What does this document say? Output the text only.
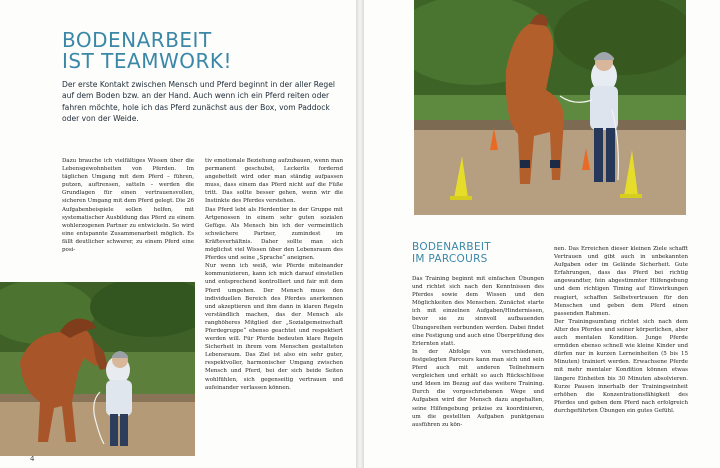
BODENARBEIT
IST TEAMWORK!

Der erste Kontakt zwischen Mensch und Pferd beginnt in der aller Regel auf dem Boden bzw. an der Hand. Auch wenn ich ein Pferd reiten oder fahren möchte, hole ich das Pferd zunächst aus der Box, vom Paddock oder von der Weide.

Dazu brauche ich vielfältiges Wissen über die Lebensgewohnheiten von Pferden. Im täglichen Umgang mit dem Pferd – führen, putzen, auftrensen, satteln – werden die Grundlagen für einen vertrauensvollen, sicheren Umgang mit dem Pferd gelegt. Die 26 Aufgabenbeispiele sollen helfen, mit systematischer Ausbildung das Pferd zu einem wohlerzogenen Partner zu entwickeln. So wird eine entspannte Zusammenarbeit möglich. Es fällt deutlicher schwerer, zu einem Pferd eine posi-

tiv emotionale Beziehung aufzubauen, wenn man permanent geschubst, Leckerlis fordernd angebettelt wird oder man ständig aufpassen muss, dass einem das Pferd nicht auf die Füße tritt. Das sollte besser gehen, wenn wir die Instinkte des Pferdes verstehen.

Das Pferd lebt als Herdentier in der Gruppe mit Artgenossen in einem sehr guten sozialen Gefüge. Als Mensch bin ich der vermeintlich schwächere Partner, zumindest im Kräfteverhältnis. Daher sollte man sich möglichst viel Wissen über den Lebensraum des Pferdes und seine „Sprache“ aneignen.

Nur wenn ich weiß, wie Pferde miteinander kommunizieren, kann ich mich darauf einstellen und entsprechend kontrolliert und fair mit dem Pferd umgehen. Der Mensch muss den individuellen Bereich des Pferdes anerkennen und akzeptieren und ihm dann in klaren Regeln verständlich machen, das der Mensch als ranghöheres Mitglied der „Sozialgemeinschaft Pferdegruppe“ ebenso geachtet und respektiert werden will. Für Pferde bedeuten klare Regeln Sicherheit in ihrem vom Menschen gestalteten Lebensraum. Das Ziel ist also ein sehr guter, respektvoller, harmonischer Umgang zwischen Mensch und Pferd, bei der sich beide Seiten wohlfühlen, sich gegenseitig vertrauen und aufeinander verlassen können.

4

BODENARBEIT
IM PARCOURS

Das Training beginnt mit einfachen Übungen und richtet sich nach den Kenntnissen des Pferdes sowie dem Wissen und den Möglichkeiten des Menschen. Zunächst starte ich mit einzelnen Aufgaben/Hindernissen, bevor sie zu sinnvoll aufbauenden Übungsreihen verbunden werden. Dabei findet eine Festigung und auch eine Überprüfung des Erlernten statt.

In der Abfolge von verschiedenen, festgelegten Parcours kann man sich und sein Pferd auch mit anderen Teilnehmern vergleichen und erhält so auch Rückschlüsse und Ideen im Bezug auf das weitere Training. Durch die vorgeschriebenen Wege und Aufgaben wird der Mensch dazu angehalten, seine Hilfengebung präzise zu koordinieren, um die gestellten Aufgaben punktgenau ausführen zu kön-

nen. Das Erreichen dieser kleinen Ziele schafft Vertrauen und gibt auch in unbekannten Aufgaben oder im Gelände Sicherheit. Gute Erfahrungen, dass das Pferd bei richtig angewandter, fein abgestimmter Hilfengebung und dem richtigen Timing auf Einwirkungen reagiert, schaffen Selbstvertrauen für den Menschen und geben dem Pferd einen passenden Rahmen.

Der Trainingsumfang richtet sich nach dem Alter des Pferdes und seiner körperlichen, aber auch mentalen Kondition. Junge Pferde ermüden ebenso schnell wie kleine Kinder und dürfen nur in kurzen Lerneinheiten (5 bis 15 Minuten) trainiert werden. Erwachsene Pferde mit mehr mentaler Kondition können etwas längere Einheiten bis 30 Minuten absolvieren. Kurze Pausen innerhalb der Trainingseinheit erhöhen die Konzentrationsfähigkeit des Pferdes und geben dem Pferd nach erfolgreich durchgeführten Übungen ein gutes Gefühl.
